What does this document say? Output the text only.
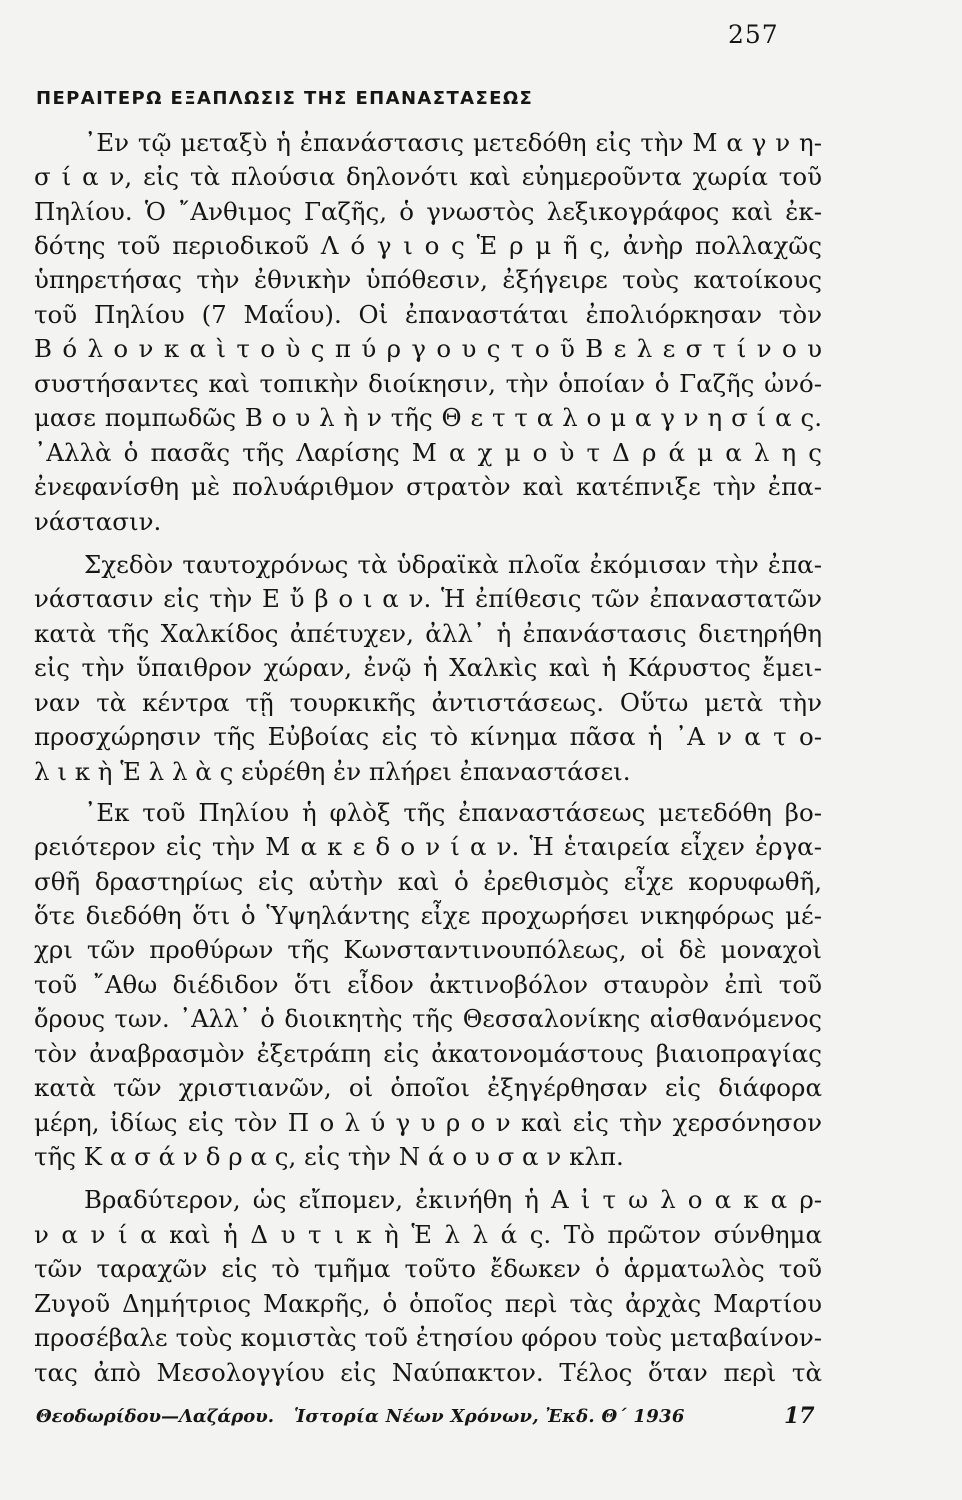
257
ΠΕΡΑΙΤΕΡΩ ΕΞΑΠΛΩΣΙΣ ΤΗΣ ΕΠΑΝΑΣΤΑΣΕΩΣ
᾿Εν τῷ μεταξὺ ἡ ἐπανάστασις μετεδόθη εἰς τὴν Μ α γ ν η-
σ ί α ν, εἰς τὰ πλούσια δηλονότι καὶ εὐημεροῦντα χωρία τοῦ
Πηλίου. Ὁ ῎Ανθιμος Γαζῆς, ὁ γνωστὸς λεξικογράφος καὶ ἐκ-
δότης τοῦ περιοδικοῦ Λ ό γ ι ο ς Ἑ ρ μ ῆ ς, ἀνὴρ πολλαχῶς
ὑπηρετήσας τὴν ἐθνικὴν ὑπόθεσιν, ἐξήγειρε τοὺς κατοίκους
τοῦ Πηλίου (7 Μαΐου). Οἱ ἐπαναστάται ἐπολιόρκησαν τὸν
Β ό λ ο ν κ α ὶ τ ο ὺ ς π ύ ρ γ ο υ ς τ ο ῦ Β ε λ ε σ τ ί ν ο υ
συστήσαντες καὶ τοπικὴν διοίκησιν, τὴν ὁποίαν ὁ Γαζῆς ὠνό-
μασε πομπωδῶς Β ο υ λ ὴ ν τῆς Θ ε τ τ α λ ο μ α γ ν η σ ί α ς.
᾿Αλλὰ ὁ πασᾶς τῆς Λαρίσης Μ α χ μ ο ὺ τ Δ ρ ά μ α λ η ς
ἐνεφανίσθη μὲ πολυάριθμον στρατὸν καὶ κατέπνιξε τὴν ἐπα-
νάστασιν.
Σχεδὸν ταυτοχρόνως τὰ ὑδραϊκὰ πλοῖα ἐκόμισαν τὴν ἐπα-
νάστασιν εἰς τὴν Ε ὔ β ο ι α ν. Ἡ ἐπίθεσις τῶν ἐπαναστατῶν
κατὰ τῆς Χαλκίδος ἀπέτυχεν, ἀλλ᾿ ἡ ἐπανάστασις διετηρήθη
εἰς τὴν ὕπαιθρον χώραν, ἐνῷ ἡ Χαλκὶς καὶ ἡ Κάρυστος ἔμει-
ναν τὰ κέντρα τῇ τουρκικῆς ἀντιστάσεως. Οὕτω μετὰ τὴν
προσχώρησιν τῆς Εὐβοίας εἰς τὸ κίνημα πᾶσα ἡ ᾿Α ν α τ ο-
λ ι κ ὴ Ἑ λ λ ὰ ς εὑρέθη ἐν πλήρει ἐπαναστάσει.
᾿Εκ τοῦ Πηλίου ἡ φλὸξ τῆς ἐπαναστάσεως μετεδόθη βο-
ρειότερον εἰς τὴν Μ α κ ε δ ο ν ί α ν. Ἡ ἑταιρεία εἶχεν ἐργα-
σθῆ δραστηρίως εἰς αὐτὴν καὶ ὁ ἐρεθισμὸς εἶχε κορυφωθῆ,
ὅτε διεδόθη ὅτι ὁ Ὑψηλάντης εἶχε προχωρήσει νικηφόρως μέ-
χρι τῶν προθύρων τῆς Κωνσταντινουπόλεως, οἱ δὲ μοναχοὶ
τοῦ ῎Αθω διέδιδον ὅτι εἶδον ἀκτινοβόλον σταυρὸν ἐπὶ τοῦ
ὄρους των. ᾿Αλλ᾿ ὁ διοικητὴς τῆς Θεσσαλονίκης αἰσθανόμενος
τὸν ἀναβρασμὸν ἐξετράπη εἰς ἀκατονομάστους βιαιοπραγίας
κατὰ τῶν χριστιανῶν, οἱ ὁποῖοι ἐξηγέρθησαν εἰς διάφορα
μέρη, ἰδίως εἰς τὸν Π ο λ ύ γ υ ρ ο ν καὶ εἰς τὴν χερσόνησον
τῆς Κ α σ ά ν δ ρ α ς, εἰς τὴν Ν ά ο υ σ α ν κλπ.
Βραδύτερον, ὡς εἴπομεν, ἐκινήθη ἡ Α ἰ τ ω λ ο α κ α ρ-
ν α ν ί α καὶ ἡ Δ υ τ ι κ ὴ Ἑ λ λ ά ς. Τὸ πρῶτον σύνθημα
τῶν ταραχῶν εἰς τὸ τμῆμα τοῦτο ἔδωκεν ὁ ἁρματωλὸς τοῦ
Ζυγοῦ Δημήτριος Μακρῆς, ὁ ὁποῖος περὶ τὰς ἀρχὰς Μαρτίου
προσέβαλε τοὺς κομιστὰς τοῦ ἐτησίου φόρου τοὺς μεταβαίνον-
τας ἀπὸ Μεσολογγίου εἰς Ναύπακτον. Τέλος ὅταν περὶ τὰ
Θεοδωρίδου—Λαζάρου. Ἱστορία Νέων Χρόνων, Ἐκδ. Θ΄ 1936	17
